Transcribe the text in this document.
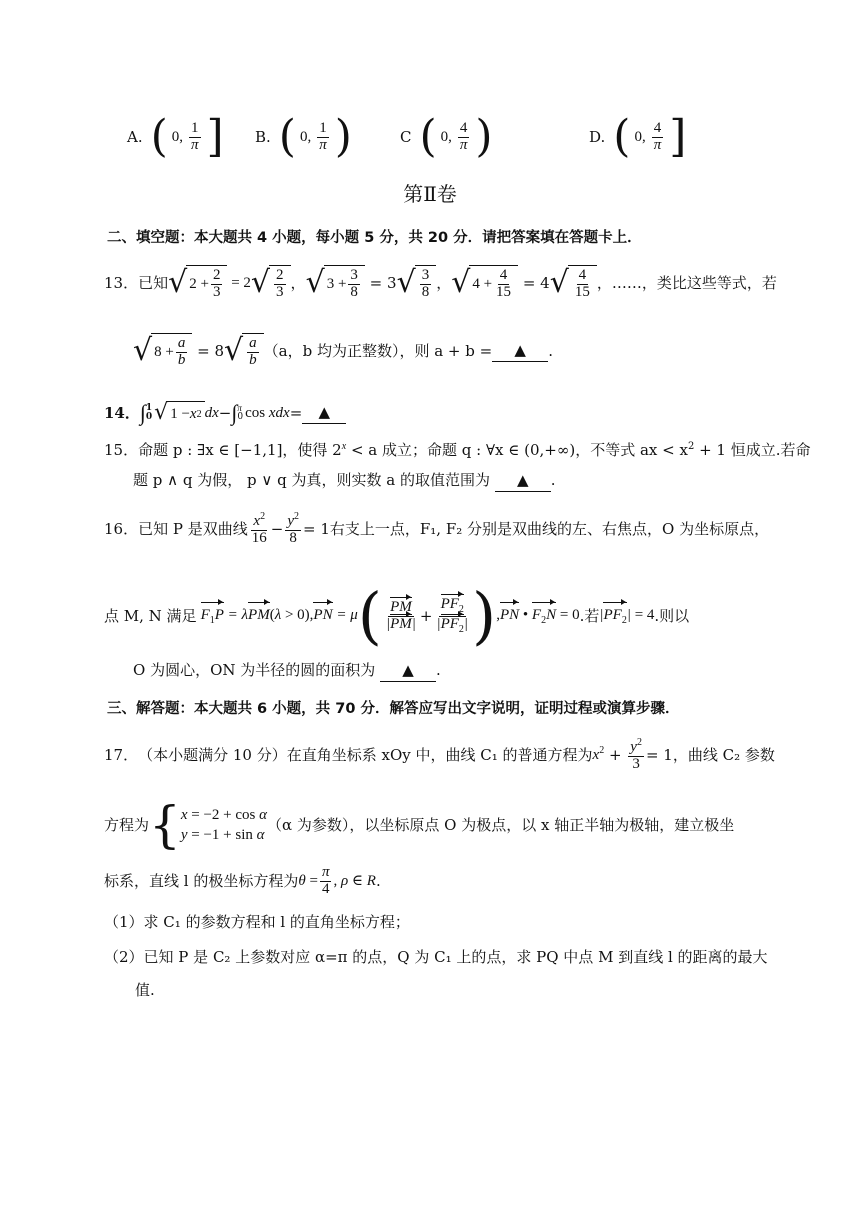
A. ( 0, $\frac{1}{\pi}$ ] B. ( 0, $\frac{1}{\pi}$ )	C ( 0, $\frac{4}{\pi}$ )	D. ( 0, $\frac{4}{\pi}$ ]
第Ⅱ卷
二、填空题：本大题共 4 小题，每小题 5 分，共 20 分．请把答案填在答题卡上．
13． 已知 √ $2 + \frac{2}{3} = 2$ √ $\frac{2}{3}$ ， √ $3 + \frac{3}{8} = 3$ √ $\frac{3}{8}$ ， √ $4 + \frac{4}{15} = 4$ √ $\frac{4}{15}$ ，……，类比这些等式，若
√ $8 + \frac{a}{b} = 8$ √ $\frac{a}{b} (a$，b 均为正整数），则 a + b =	▲	.
14． ∫ 1
0 √ 1 − x 2 dx − ∫ π
0 cos xdx =	▲
15．命题 p : ∃x ∈ [−1,1]，使得 $2^x < a$ 成立；命题 q : ∀x ∈ (0,+∞)，不等式 ax < $x^2 + 1$ 恒成立.若命
题 p ∧ q 为假， p ∨ q 为真，则实数 a 的取值范围为 ▲ .
16． 已知 P 是双曲线 $\frac{x^2}{16} - \frac{y^2}{8} = 1$ 右支上一点，F₁, F₂ 分别是双曲线的左、右焦点，O 为坐标原点，
点 M, N 满足 $F_1P = \lambda PM(\lambda > 0),PN = \mu$ ( $\frac{PM}{|PM|} + \frac{PF_2}{|PF_2|}$ ) ,PN • $F_2N = 0$ .若 $|PF_2| = 4$ .则以
O 为圆心，ON 为半径的圆的面积为 ▲ .
三、解答题：本大题共 6 小题，共 70 分．解答应写出文字说明，证明过程或演算步骤．
17． （本小题满分 10 分）在直角坐标系 xOy 中，曲线 C₁ 的普通方程为 $x^2 + \frac{y^2}{3} = 1$ ，曲线 C₂ 参数
方程为 { x = −2 + cos α
y = −1 + sin α
（α 为参数），以坐标原点 O 为极点，以 x 轴正半轴为极轴，建立极坐
标系，直线 l 的极坐标方程为 $\theta = \frac{\pi}{4}$ , ρ ∈ R .
（1）求 C₁ 的参数方程和 l 的直角坐标方程；
（2）已知 P 是 C₂ 上参数对应 α=π 的点，Q 为 C₁ 上的点，求 PQ 中点 M 到直线 l 的距离的最大
值.
